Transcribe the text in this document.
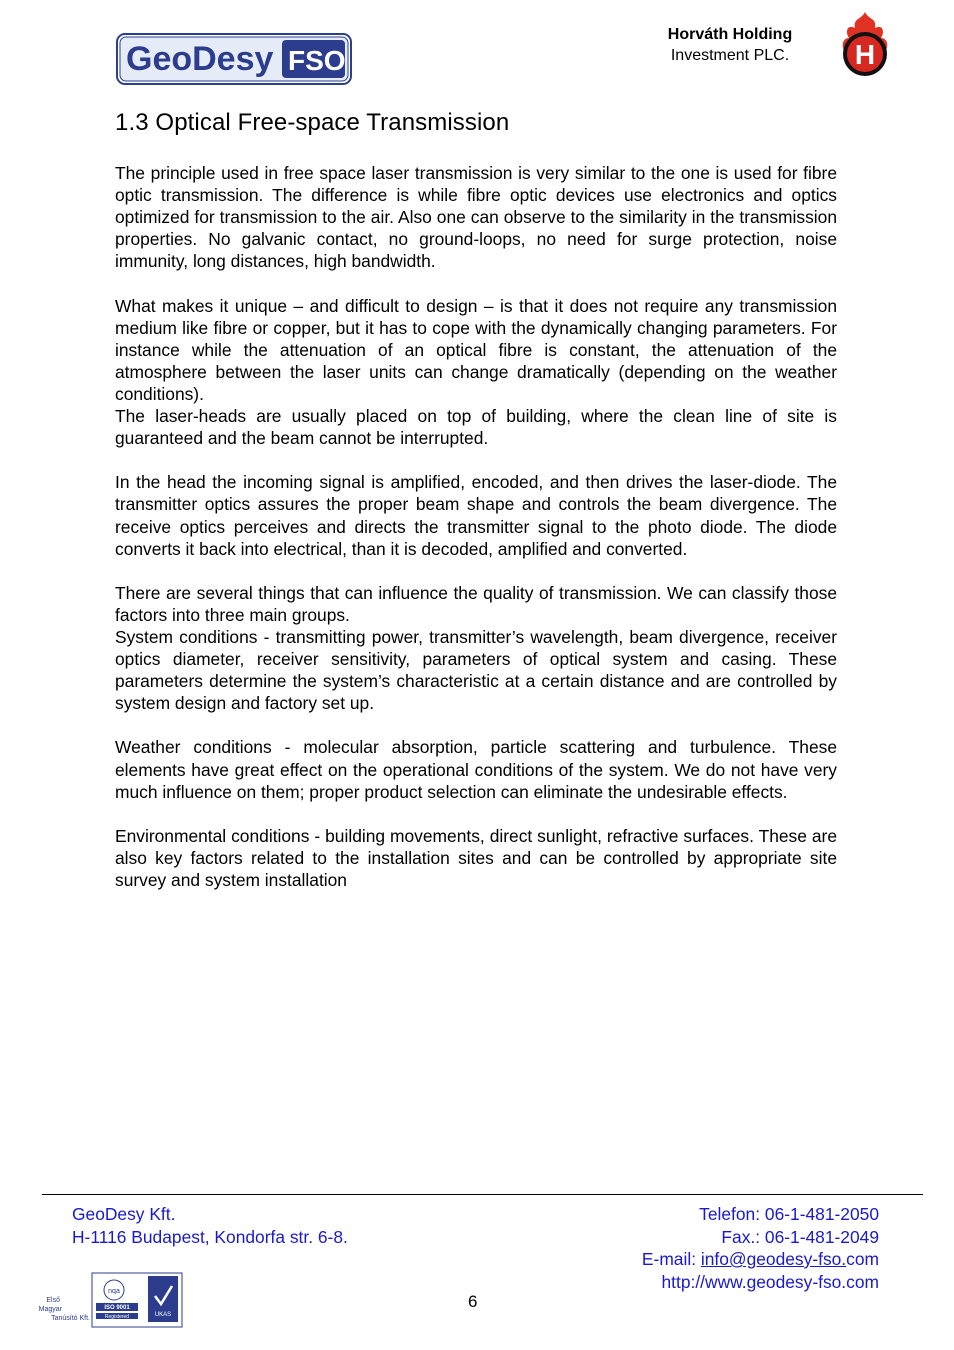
GeoDesy FSO
Horváth Holding
Investment PLC.	H
1.3 Optical Free-space Transmission

The principle used in free space laser transmission is very similar to the one is used for fibre optic transmission. The difference is while fibre optic devices use electronics and optics optimized for transmission to the air. Also one can observe to the similarity in the transmission properties. No galvanic contact, no ground-loops, no need for surge protection, noise immunity, long distances, high bandwidth.

What makes it unique – and difficult to design – is that it does not require any transmission medium like fibre or copper, but it has to cope with the dynamically changing parameters. For instance while the attenuation of an optical fibre is constant, the attenuation of the atmosphere between the laser units can change dramatically (depending on the weather conditions).

The laser-heads are usually placed on top of building, where the clean line of site is guaranteed and the beam cannot be interrupted.

In the head the incoming signal is amplified, encoded, and then drives the laser-diode. The transmitter optics assures the proper beam shape and controls the beam divergence. The receive optics perceives and directs the transmitter signal to the photo diode. The diode converts it back into electrical, than it is decoded, amplified and converted.

There are several things that can influence the quality of transmission. We can classify those factors into three main groups.

System conditions - transmitting power, transmitter’s wavelength, beam divergence, receiver optics diameter, receiver sensitivity, parameters of optical system and casing. These parameters determine the system’s characteristic at a certain distance and are controlled by system design and factory set up.

Weather conditions - molecular absorption, particle scattering and turbulence. These elements have great effect on the operational conditions of the system. We do not have very much influence on them; proper product selection can eliminate the undesirable effects.

Environmental conditions - building movements, direct sunlight, refractive surfaces. These are also key factors related to the installation sites and can be controlled by appropriate site survey and system installation

GeoDesy Kft.
H-1116 Budapest, Kondorfa str. 6-8.
Telefon: 06-1-481-2050
Fax.: 06-1-481-2049
E-mail: info@geodesy-fso.com
http://www.geodesy-fso.com
6
Első
Magyar
Tanúsító Kft.
nqa
ISO 9001
Registered	UKAS
